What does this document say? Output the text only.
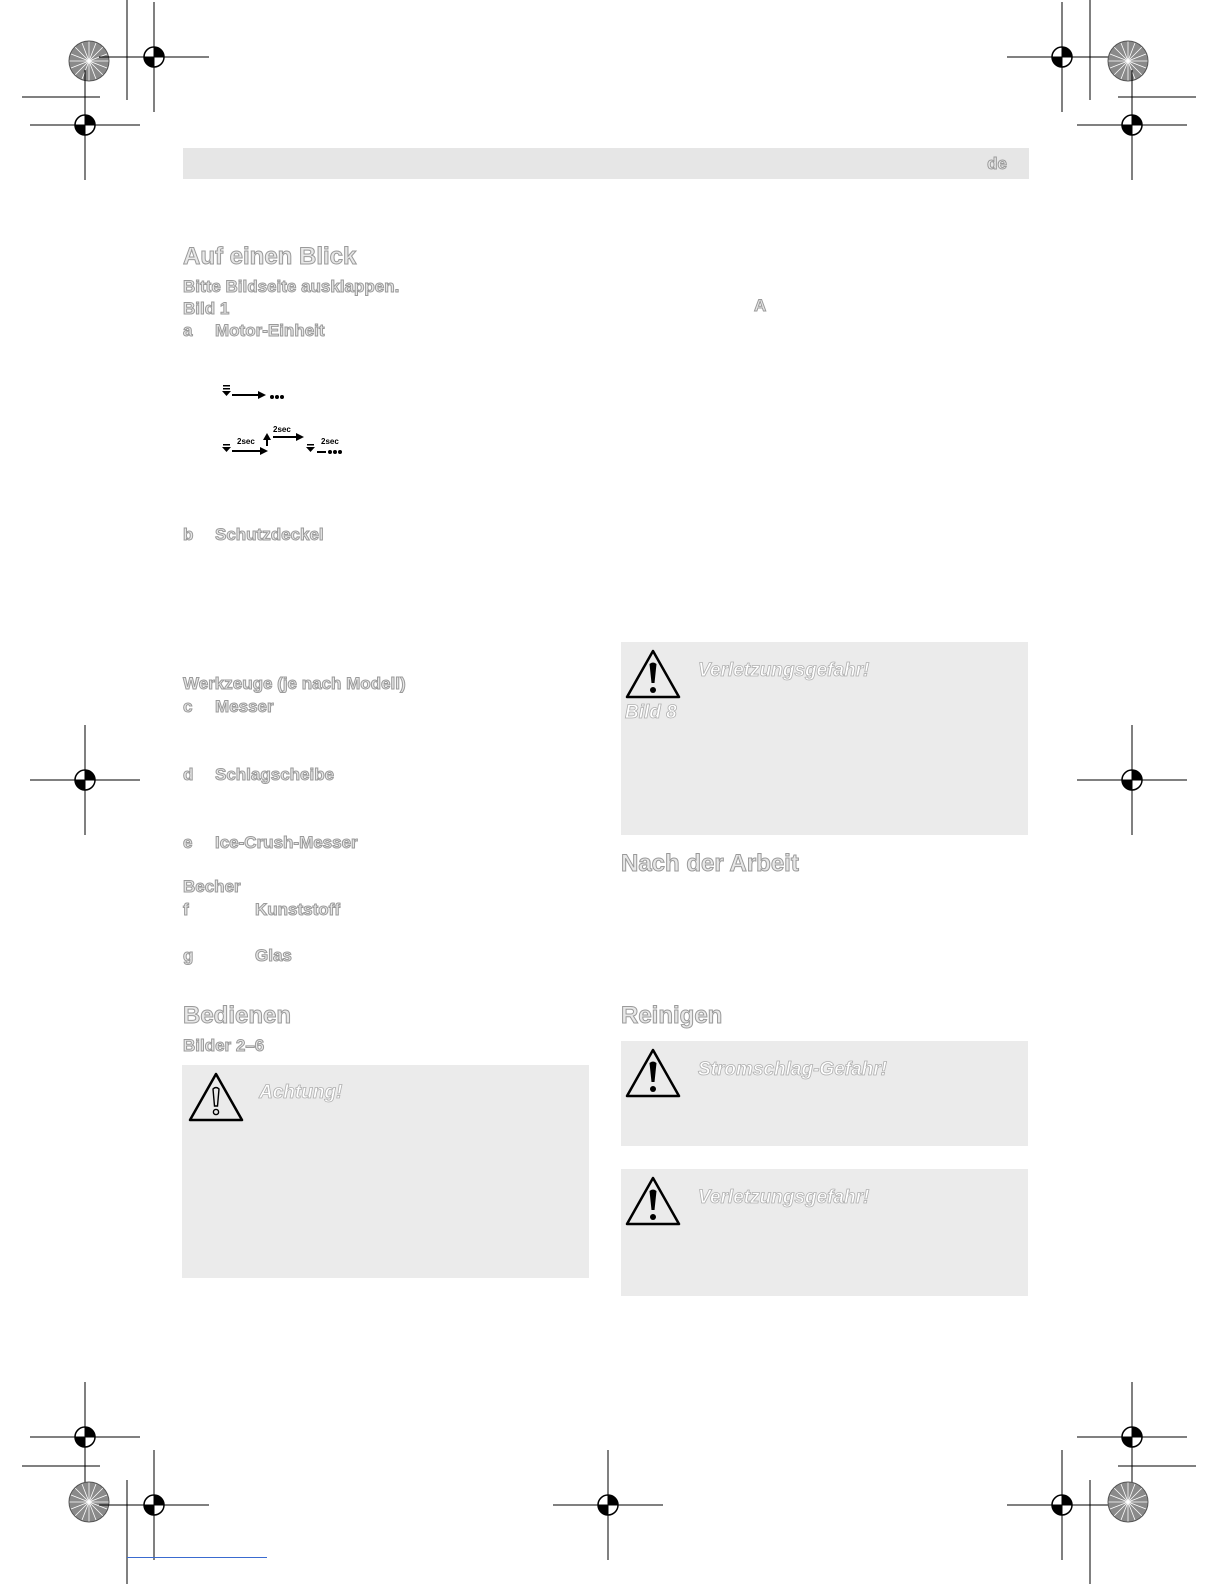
de
Auf einen Blick
Bitte Bildseite ausklappen.
Bild 1
a Motor-Einheit
2sec
2sec
2sec
b Schutzdeckel
Werkzeuge (je nach Modell)
c Messer
d Schlagscheibe
e Ice-Crush-Messer
Becher
f	Kunststoff
g	Glas
Bedienen
Bilder 2–6
Achtung!
A
Verletzungsgefahr!
Bild 8
Nach der Arbeit
Reinigen
Stromschlag-Gefahr!
Verletzungsgefahr!
